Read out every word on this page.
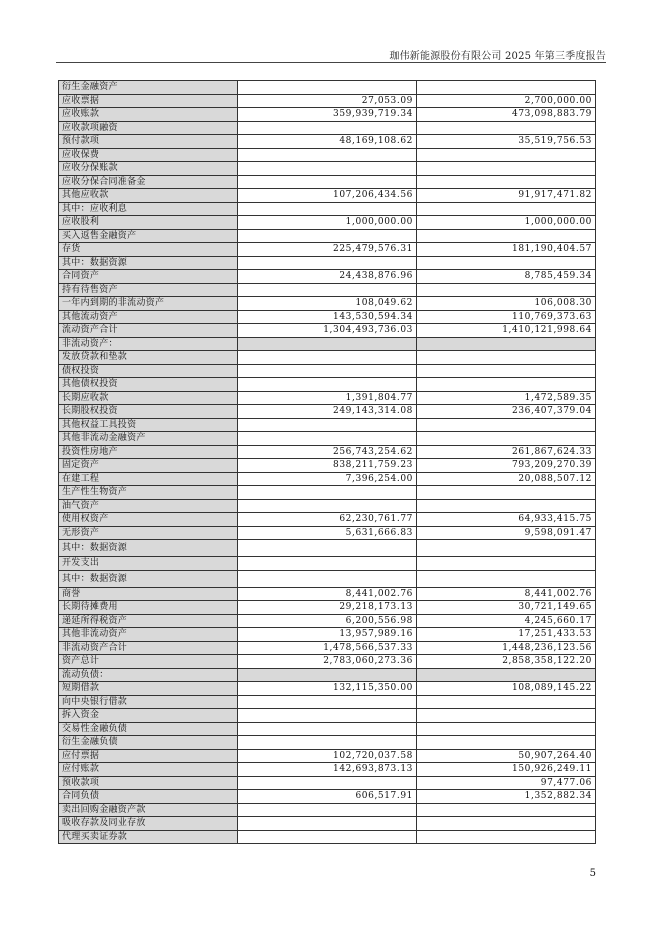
珈伟新能源股份有限公司 2025 年第三季度报告
衍生金融资产		
应收票据	27,053.09	2,700,000.00
应收账款	359,939,719.34	473,098,883.79
应收款项融资		
预付款项	48,169,108.62	35,519,756.53
应收保费		
应收分保账款		
应收分保合同准备金		
其他应收款	107,206,434.56	91,917,471.82
其中：应收利息		
应收股利	1,000,000.00	1,000,000.00
买入返售金融资产		
存货	225,479,576.31	181,190,404.57
其中：数据资源		
合同资产	24,438,876.96	8,785,459.34
持有待售资产		
一年内到期的非流动资产	108,049.62	106,008.30
其他流动资产	143,530,594.34	110,769,373.63
流动资产合计	1,304,493,736.03	1,410,121,998.64
非流动资产：		
发放贷款和垫款		
债权投资		
其他债权投资		
长期应收款	1,391,804.77	1,472,589.35
长期股权投资	249,143,314.08	236,407,379.04
其他权益工具投资		
其他非流动金融资产		
投资性房地产	256,743,254.62	261,867,624.33
固定资产	838,211,759.23	793,209,270.39
在建工程	7,396,254.00	20,088,507.12
生产性生物资产		
油气资产		
使用权资产	62,230,761.77	64,933,415.75
无形资产	5,631,666.83	9,598,091.47
其中：数据资源		
开发支出		
其中：数据资源		
商誉	8,441,002.76	8,441,002.76
长期待摊费用	29,218,173.13	30,721,149.65
递延所得税资产	6,200,556.98	4,245,660.17
其他非流动资产	13,957,989.16	17,251,433.53
非流动资产合计	1,478,566,537.33	1,448,236,123.56
资产总计	2,783,060,273.36	2,858,358,122.20
流动负债：		
短期借款	132,115,350.00	108,089,145.22
向中央银行借款		
拆入资金		
交易性金融负债		
衍生金融负债		
应付票据	102,720,037.58	50,907,264.40
应付账款	142,693,873.13	150,926,249.11
预收款项		97,477.06
合同负债	606,517.91	1,352,882.34
卖出回购金融资产款		
吸收存款及同业存放		
代理买卖证券款		
5
